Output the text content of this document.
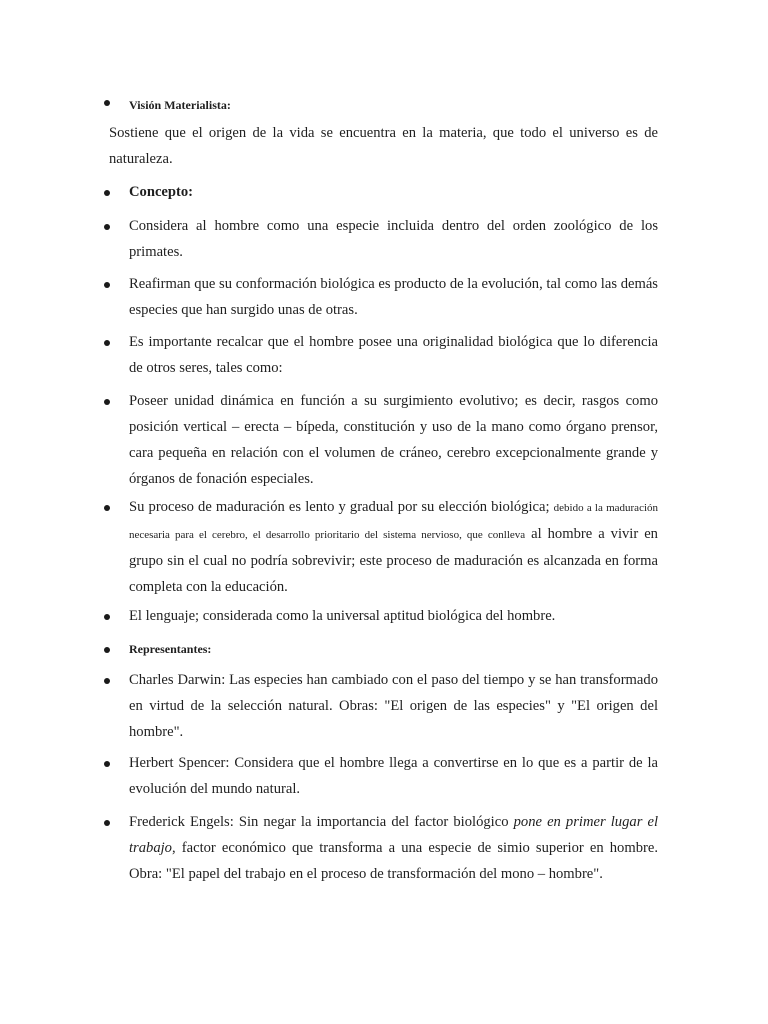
Visión Materialista:
Sostiene que el origen de la vida se encuentra en la materia, que todo el universo es de naturaleza.
Concepto:
Considera al hombre como una especie incluida dentro del orden zoológico de los primates.
Reafirman que su conformación biológica es producto de la evolución, tal como las demás especies que han surgido unas de otras.
Es importante recalcar que el hombre posee una originalidad biológica que lo diferencia de otros seres, tales como:
Poseer unidad dinámica en función a su surgimiento evolutivo; es decir, rasgos como posición vertical – erecta – bípeda, constitución y uso de la mano como órgano prensor, cara pequeña en relación con el volumen de cráneo, cerebro excepcionalmente grande y órganos de fonación especiales.
Su proceso de maduración es lento y gradual por su elección biológica; debido a la maduración necesaria para el cerebro, el desarrollo prioritario del sistema nervioso, que conlleva al hombre a vivir en grupo sin el cual no podría sobrevivir; este proceso de maduración es alcanzada en forma completa con la educación.
El lenguaje; considerada como la universal aptitud biológica del hombre.
Representantes:
Charles Darwin: Las especies han cambiado con el paso del tiempo y se han transformado en virtud de la selección natural. Obras: "El origen de las especies" y "El origen del hombre".
Herbert Spencer: Considera que el hombre llega a convertirse en lo que es a partir de la evolución del mundo natural.
Frederick Engels: Sin negar la importancia del factor biológico pone en primer lugar el trabajo, factor económico que transforma a una especie de simio superior en hombre. Obra: "El papel del trabajo en el proceso de transformación del mono – hombre".
